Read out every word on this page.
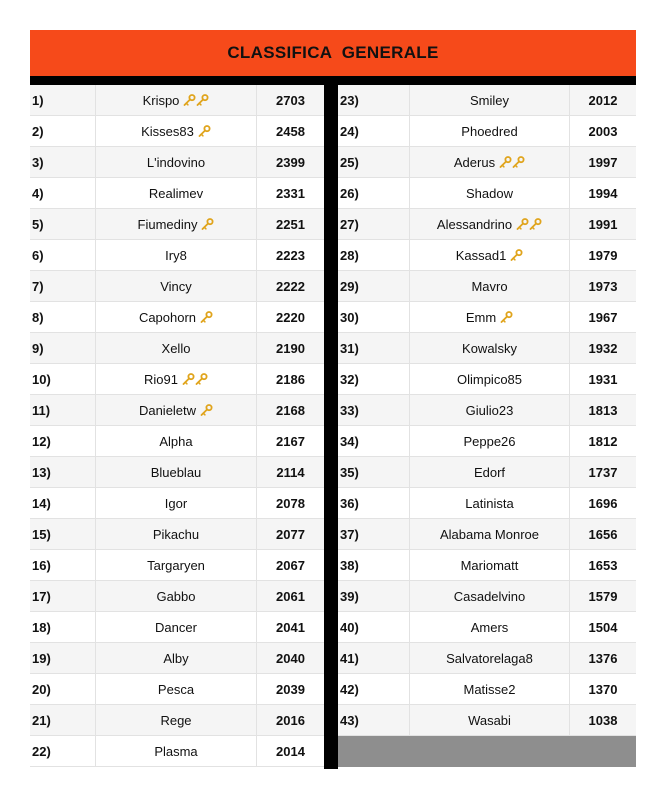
CLASSIFICA  GENERALE
1)	Krispo	2703
2)	Kisses83	2458
3)	L'indovino	2399
4)	Realimev	2331
5)	Fiumediny	2251
6)	Iry8	2223
7)	Vincy	2222
8)	Capohorn	2220
9)	Xello	2190
10)	Rio91	2186
11)	Danieletw	2168
12)	Alpha	2167
13)	Blueblau	2114
14)	Igor	2078
15)	Pikachu	2077
16)	Targaryen	2067
17)	Gabbo	2061
18)	Dancer	2041
19)	Alby	2040
20)	Pesca	2039
21)	Rege	2016
22)	Plasma	2014
23)	Smiley	2012
24)	Phoedred	2003
25)	Aderus	1997
26)	Shadow	1994
27)	Alessandrino	1991
28)	Kassad1	1979
29)	Mavro	1973
30)	Emm	1967
31)	Kowalsky	1932
32)	Olimpico85	1931
33)	Giulio23	1813
34)	Peppe26	1812
35)	Edorf	1737
36)	Latinista	1696
37)	Alabama Monroe	1656
38)	Mariomatt	1653
39)	Casadelvino	1579
40)	Amers	1504
41)	Salvatorelaga8	1376
42)	Matisse2	1370
43)	Wasabi	1038
